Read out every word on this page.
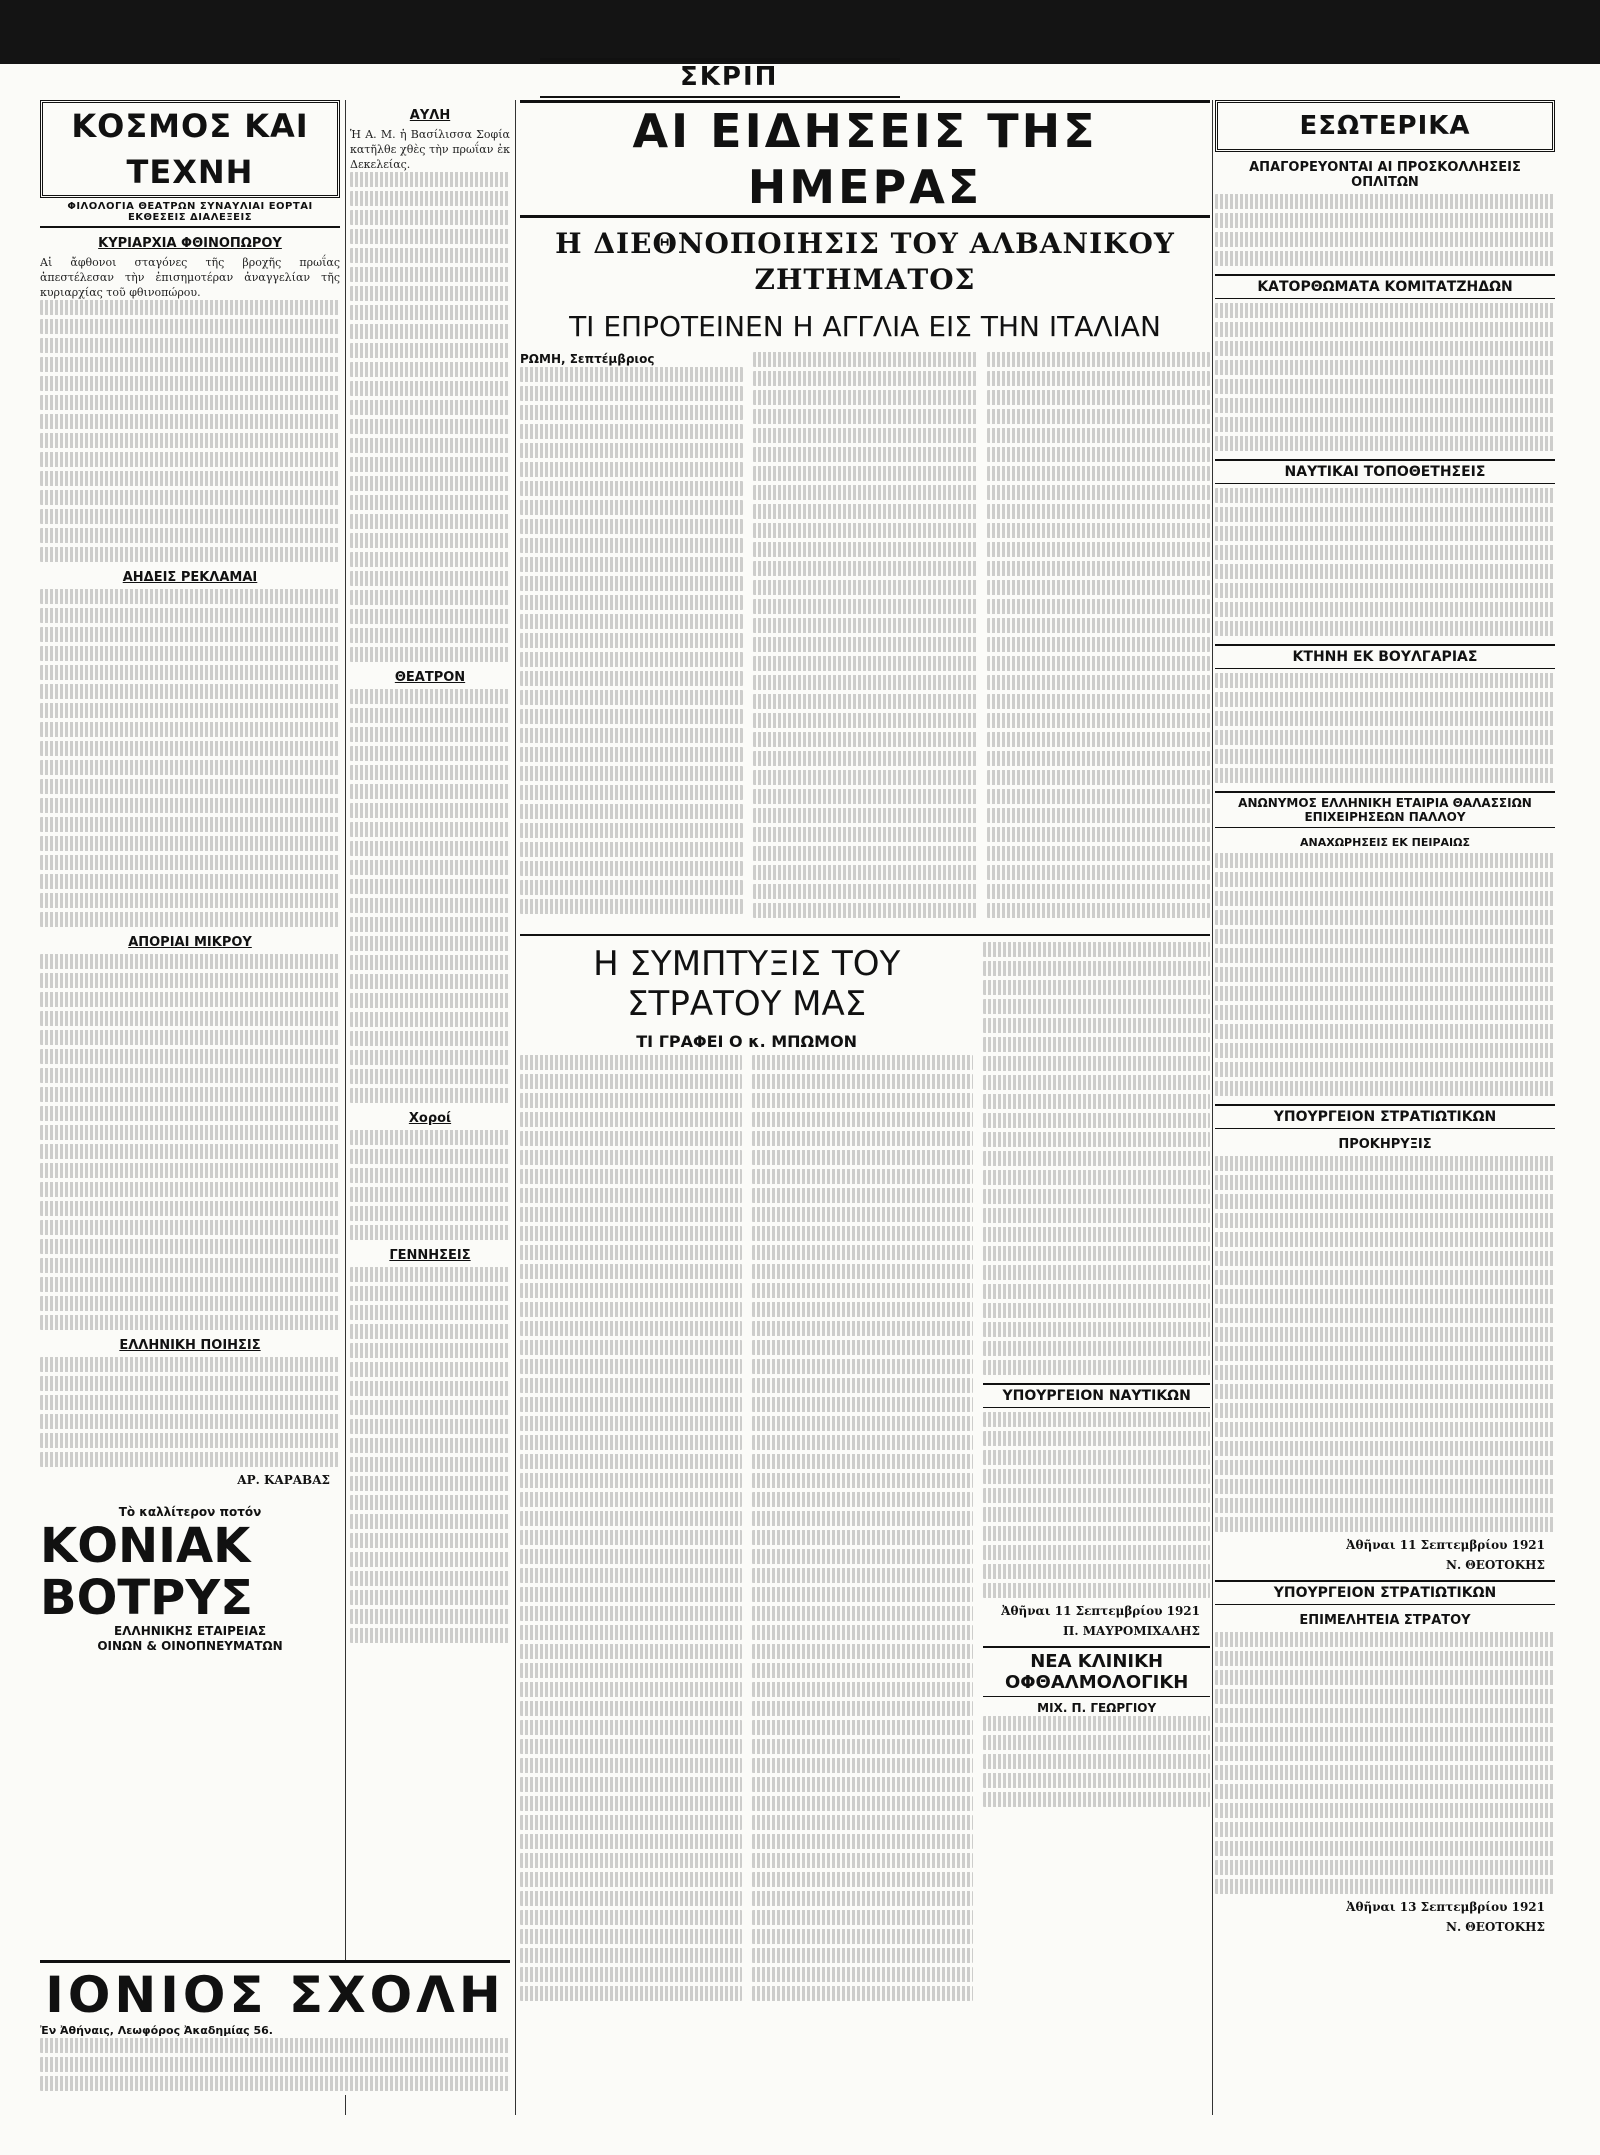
ΣΚΡΙΠ
ΚΟΣΜΟΣ ΚΑΙ ΤΕΧΝΗ
ΦΙΛΟΛΟΓΙΑ ΘΕΑΤΡΩΝ ΣΥΝΑΥΛΙΑΙ ΕΟΡΤΑΙ ΕΚΘΕΣΕΙΣ ΔΙΑΛΕΞΕΙΣ
ΚΥΡΙΑΡΧΙΑ ΦΘΙΝΟΠΩΡΟΥ

Αἱ ἄφθονοι σταγόνες τῆς βροχῆς πρωΐας ἀπεστέλεσαν τὴν ἐπισημοτέραν ἀναγγελίαν τῆς κυριαρχίας τοῦ φθινοπώρου.

ΑΗΔΕΙΣ ΡΕΚΛΑΜΑΙ
ΑΠΟΡΙΑΙ ΜΙΚΡΟΥ
ΕΛΛΗΝΙΚΗ ΠΟΙΗΣΙΣ
ΑΡ. ΚΑΡΑΒΑΣ
Τὸ καλλίτερον ποτόν
ΚΟΝΙΑΚ
ΒΟΤΡΥΣ
ΕΛΛΗΝΙΚΗΣ ΕΤΑΙΡΕΙΑΣ
ΟΙΝΩΝ & ΟΙΝΟΠΝΕΥΜΑΤΩΝ
ΑΥΛΗ

Ἡ Α. Μ. ἡ Βασίλισσα Σοφία κατῆλθε χθὲς τὴν πρωΐαν ἐκ Δεκελείας.

ΘΕΑΤΡΟΝ
Χοροί
ΓΕΝΝΗΣΕΙΣ
ΑΙ ΕΙΔΗΣΕΙΣ ΤΗΣ ΗΜΕΡΑΣ
Η ΔΙΕΘΝΟΠΟΙΗΣΙΣ ΤΟΥ ΑΛΒΑΝΙΚΟΥ ΖΗΤΗΜΑΤΟΣ
ΤΙ ΕΠΡΟΤΕΙΝΕΝ Η ΑΓΓΛΙΑ ΕΙΣ ΤΗΝ ΙΤΑΛΙΑΝ
ΡΩΜΗ, Σεπτέμβριος
Η ΣΥΜΠΤΥΞΙΣ ΤΟΥ ΣΤΡΑΤΟΥ ΜΑΣ
ΤΙ ΓΡΑΦΕΙ Ο κ. ΜΠΩΜΟΝ
ΥΠΟΥΡΓΕΙΟΝ ΝΑΥΤΙΚΩΝ
Ἀθῆναι 11 Σεπτεμβρίου 1921
Π. ΜΑΥΡΟΜΙΧΑΛΗΣ
ΝΕΑ ΚΛΙΝΙΚΗ ΟΦΘΑΛΜΟΛΟΓΙΚΗ
ΜΙΧ. Π. ΓΕΩΡΓΙΟΥ
ΕΣΩΤΕΡΙΚΑ
ΑΠΑΓΟΡΕΥΟΝΤΑΙ ΑΙ ΠΡΟΣΚΟΛΛΗΣΕΙΣ ΟΠΛΙΤΩΝ
ΚΑΤΟΡΘΩΜΑΤΑ ΚΟΜΙΤΑΤΖΗΔΩΝ
ΝΑΥΤΙΚΑΙ ΤΟΠΟΘΕΤΗΣΕΙΣ
ΚΤΗΝΗ ΕΚ ΒΟΥΛΓΑΡΙΑΣ
ΑΝΩΝΥΜΟΣ ΕΛΛΗΝΙΚΗ ΕΤΑΙΡΙΑ ΘΑΛΑΣΣΙΩΝ ΕΠΙΧΕΙΡΗΣΕΩΝ ΠΑΛΛΟΥ
ΑΝΑΧΩΡΗΣΕΙΣ ΕΚ ΠΕΙΡΑΙΩΣ
ΥΠΟΥΡΓΕΙΟΝ ΣΤΡΑΤΙΩΤΙΚΩΝ
ΠΡΟΚΗΡΥΞΙΣ
Ἀθῆναι 11 Σεπτεμβρίου 1921
Ν. ΘΕΟΤΟΚΗΣ
ΥΠΟΥΡΓΕΙΟΝ ΣΤΡΑΤΙΩΤΙΚΩΝ
ΕΠΙΜΕΛΗΤΕΙΑ ΣΤΡΑΤΟΥ
Ἀθῆναι 13 Σεπτεμβρίου 1921
Ν. ΘΕΟΤΟΚΗΣ
ΙΟΝΙΟΣ ΣΧΟΛΗ
Ἐν Ἀθήναις, Λεωφόρος Ἀκαδημίας 56.
